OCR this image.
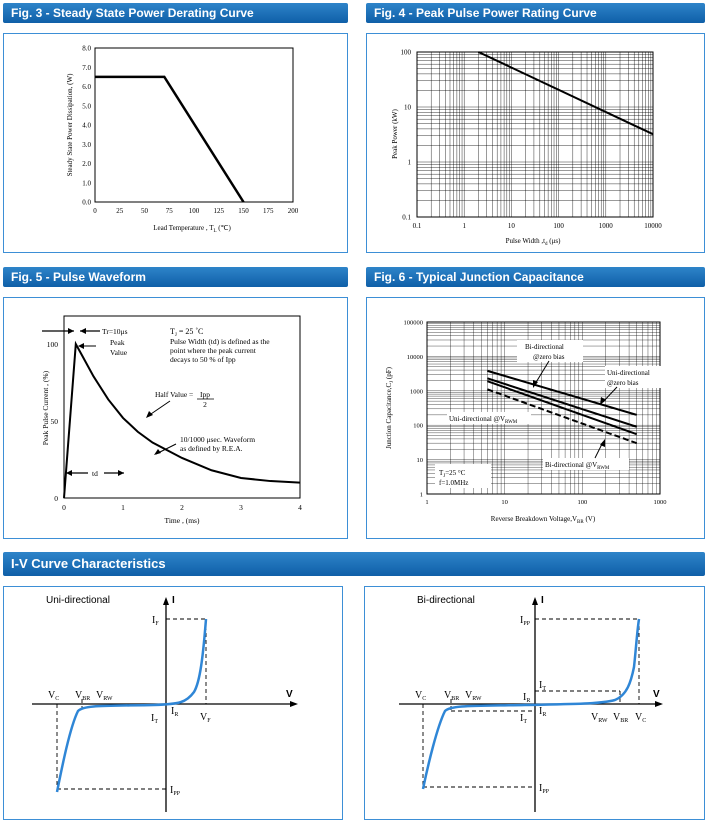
Fig. 3 - Steady State Power Derating Curve
0.0
1.0
2.0
3.0
4.0
5.0
6.0
7.0
8.0
0	25	50	75 100 125 150 175 200
Steady State Power Dissipation, (W)
Lead Temperature , $T_L$ (℃)
Fig. 4 - Peak Pulse Power Rating Curve
0.1
1
10
100
0.1	1	10	100	1000	10000
Peak Power (kW)
Pulse Width $,t_d$ (μs)
Fig. 5 - Pulse Waveform
0
50
100
0	1	2	3	4
Tr=10μs
Peak
Value
$T_J = 25$ ˚C
Pulse Width (td) is defined as the
point where the peak current
decays to 50 % of Ipp
Half Value = Ipp
2
10/1000 μsec. Waveform
as defined by R.E.A.
td
Peak Pulse Current , (%)
Time , (ms)
Fig. 6 - Typical Junction Capacitance
1
10
100
1000
10000
100000
1	10	100	1000
Bi-directional
@zero bias
Uni-directional
@zero bias
Uni-directional $@V_{RWM}$
Bi-directional $@V_{RWM}$
$T_J=25$ °C
f=1.0MHz
Junction $Capacitance,C_J$ (pF)
Reverse Breakdown $Voltage,V_{BR}$ (V)
I-V Curve Characteristics
Uni-directional	I
V
$I_F$
$V_F$
$V_C$ $V_{BR}$ $V_{RW}$
$I_R$
$I_T$
$I_{PP}$
Bi-directional	I
V
$I_{PP}$
$I_T$
$I_R$
$V_C$ $V_{BR}$ $V_{RW}$
$I_R$
$I_T$	$V_{RW}$ $V_{BR}$ $V_C$
$I_{PP}$
